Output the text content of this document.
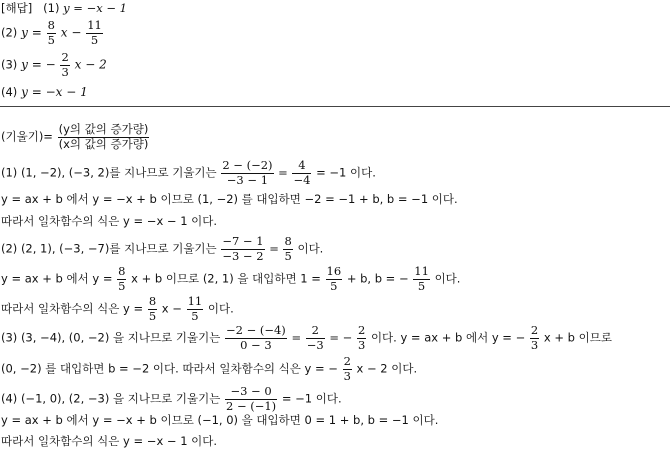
[해답] (1) y = −x − 1
(2) $y = \frac{8}{5}$ $x - \frac{11}{5}$
(3) y = − $\frac{2}{3}$ x − 2
(4) y = −x − 1
(기울기)= $\frac{\text{(y의 값의 증가량)}}{\text{(x의 값의 증가량)}}$
(1) (1, −2), (−3, 2)를 지나므로 기울기는 $\frac{2 - (-2)}{-3 - 1} = \frac{4}{-4} = -1$ 이다.
y = ax + b 에서 y = −x + b 이므로 (1, −2) 를 대입하면 −2 = −1 + b, b = −1 이다.
따라서 일차함수의 식은 y = −x − 1 이다.
(2) (2, 1), (−3, −7)를 지나므로 기울기는 $\frac{-7 - 1}{-3 - 2} = \frac{8}{5}$ 이다.
y = ax + b 에서 $y = \frac{8}{5}$ x + b 이므로 (2, 1) 을 대입하면 $1 = \frac{16}{5} + b$, b = − $\frac{11}{5}$ 이다.
따라서 일차함수의 식은 $y = \frac{8}{5}$ $x - \frac{11}{5}$ 이다.
(3) (3, −4), (0, −2) 을 지나므로 기울기는 $\frac{-2 - (-4)}{0 - 3} = \frac{2}{-3}$ = − $\frac{2}{3}$ 이다. y = ax + b 에서 y = − $\frac{2}{3}$ x + b 이므로
(0, −2) 를 대입하면 b = −2 이다. 따라서 일차함수의 식은 y = − $\frac{2}{3}$ x − 2 이다.
(4) (−1, 0), (2, −3) 을 지나므로 기울기는 $\frac{-3 - 0}{2 - (-1)} = -1$ 이다.
y = ax + b 에서 y = −x + b 이므로 (−1, 0) 을 대입하면 0 = 1 + b, b = −1 이다.
따라서 일차함수의 식은 y = −x − 1 이다.
